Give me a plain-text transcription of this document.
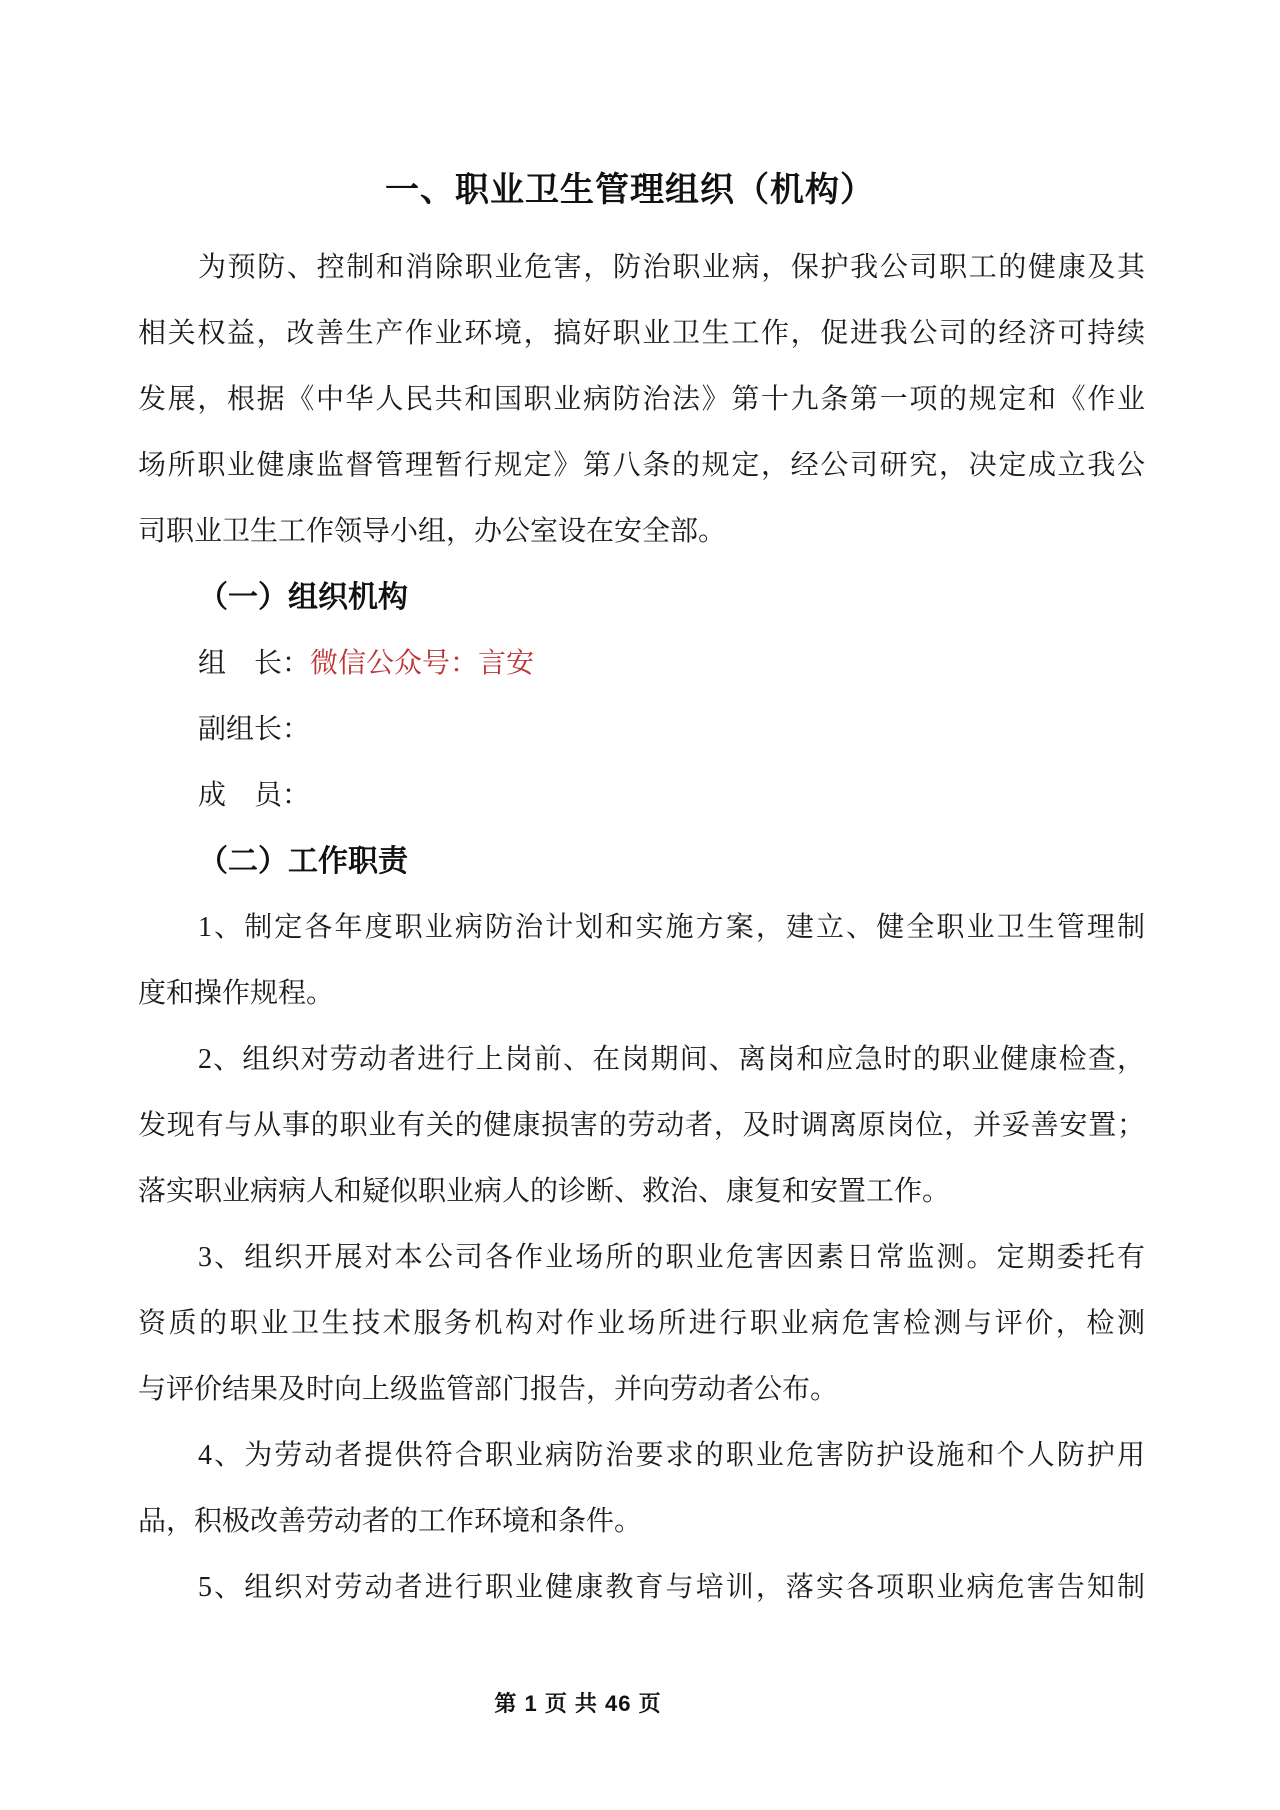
一、职业卫生管理组织（机构）
为预防、控制和消除职业危害，防治职业病，保护我公司职工的健康及其
相关权益，改善生产作业环境，搞好职业卫生工作，促进我公司的经济可持续
发展，根据《中华人民共和国职业病防治法》第十九条第一项的规定和《作业
场所职业健康监督管理暂行规定》第八条的规定，经公司研究，决定成立我公
司职业卫生工作领导小组，办公室设在安全部。
（一）组织机构
组　长：微信公众号：言安
副组长：
成　员：
（二）工作职责
1、制定各年度职业病防治计划和实施方案，建立、健全职业卫生管理制
度和操作规程。
2、组织对劳动者进行上岗前、在岗期间、离岗和应急时的职业健康检查，
发现有与从事的职业有关的健康损害的劳动者，及时调离原岗位，并妥善安置；
落实职业病病人和疑似职业病人的诊断、救治、康复和安置工作。
3、组织开展对本公司各作业场所的职业危害因素日常监测。定期委托有
资质的职业卫生技术服务机构对作业场所进行职业病危害检测与评价，检测
与评价结果及时向上级监管部门报告，并向劳动者公布。
4、为劳动者提供符合职业病防治要求的职业危害防护设施和个人防护用
品，积极改善劳动者的工作环境和条件。
5、组织对劳动者进行职业健康教育与培训，落实各项职业病危害告知制
第 1 页 共 46 页
